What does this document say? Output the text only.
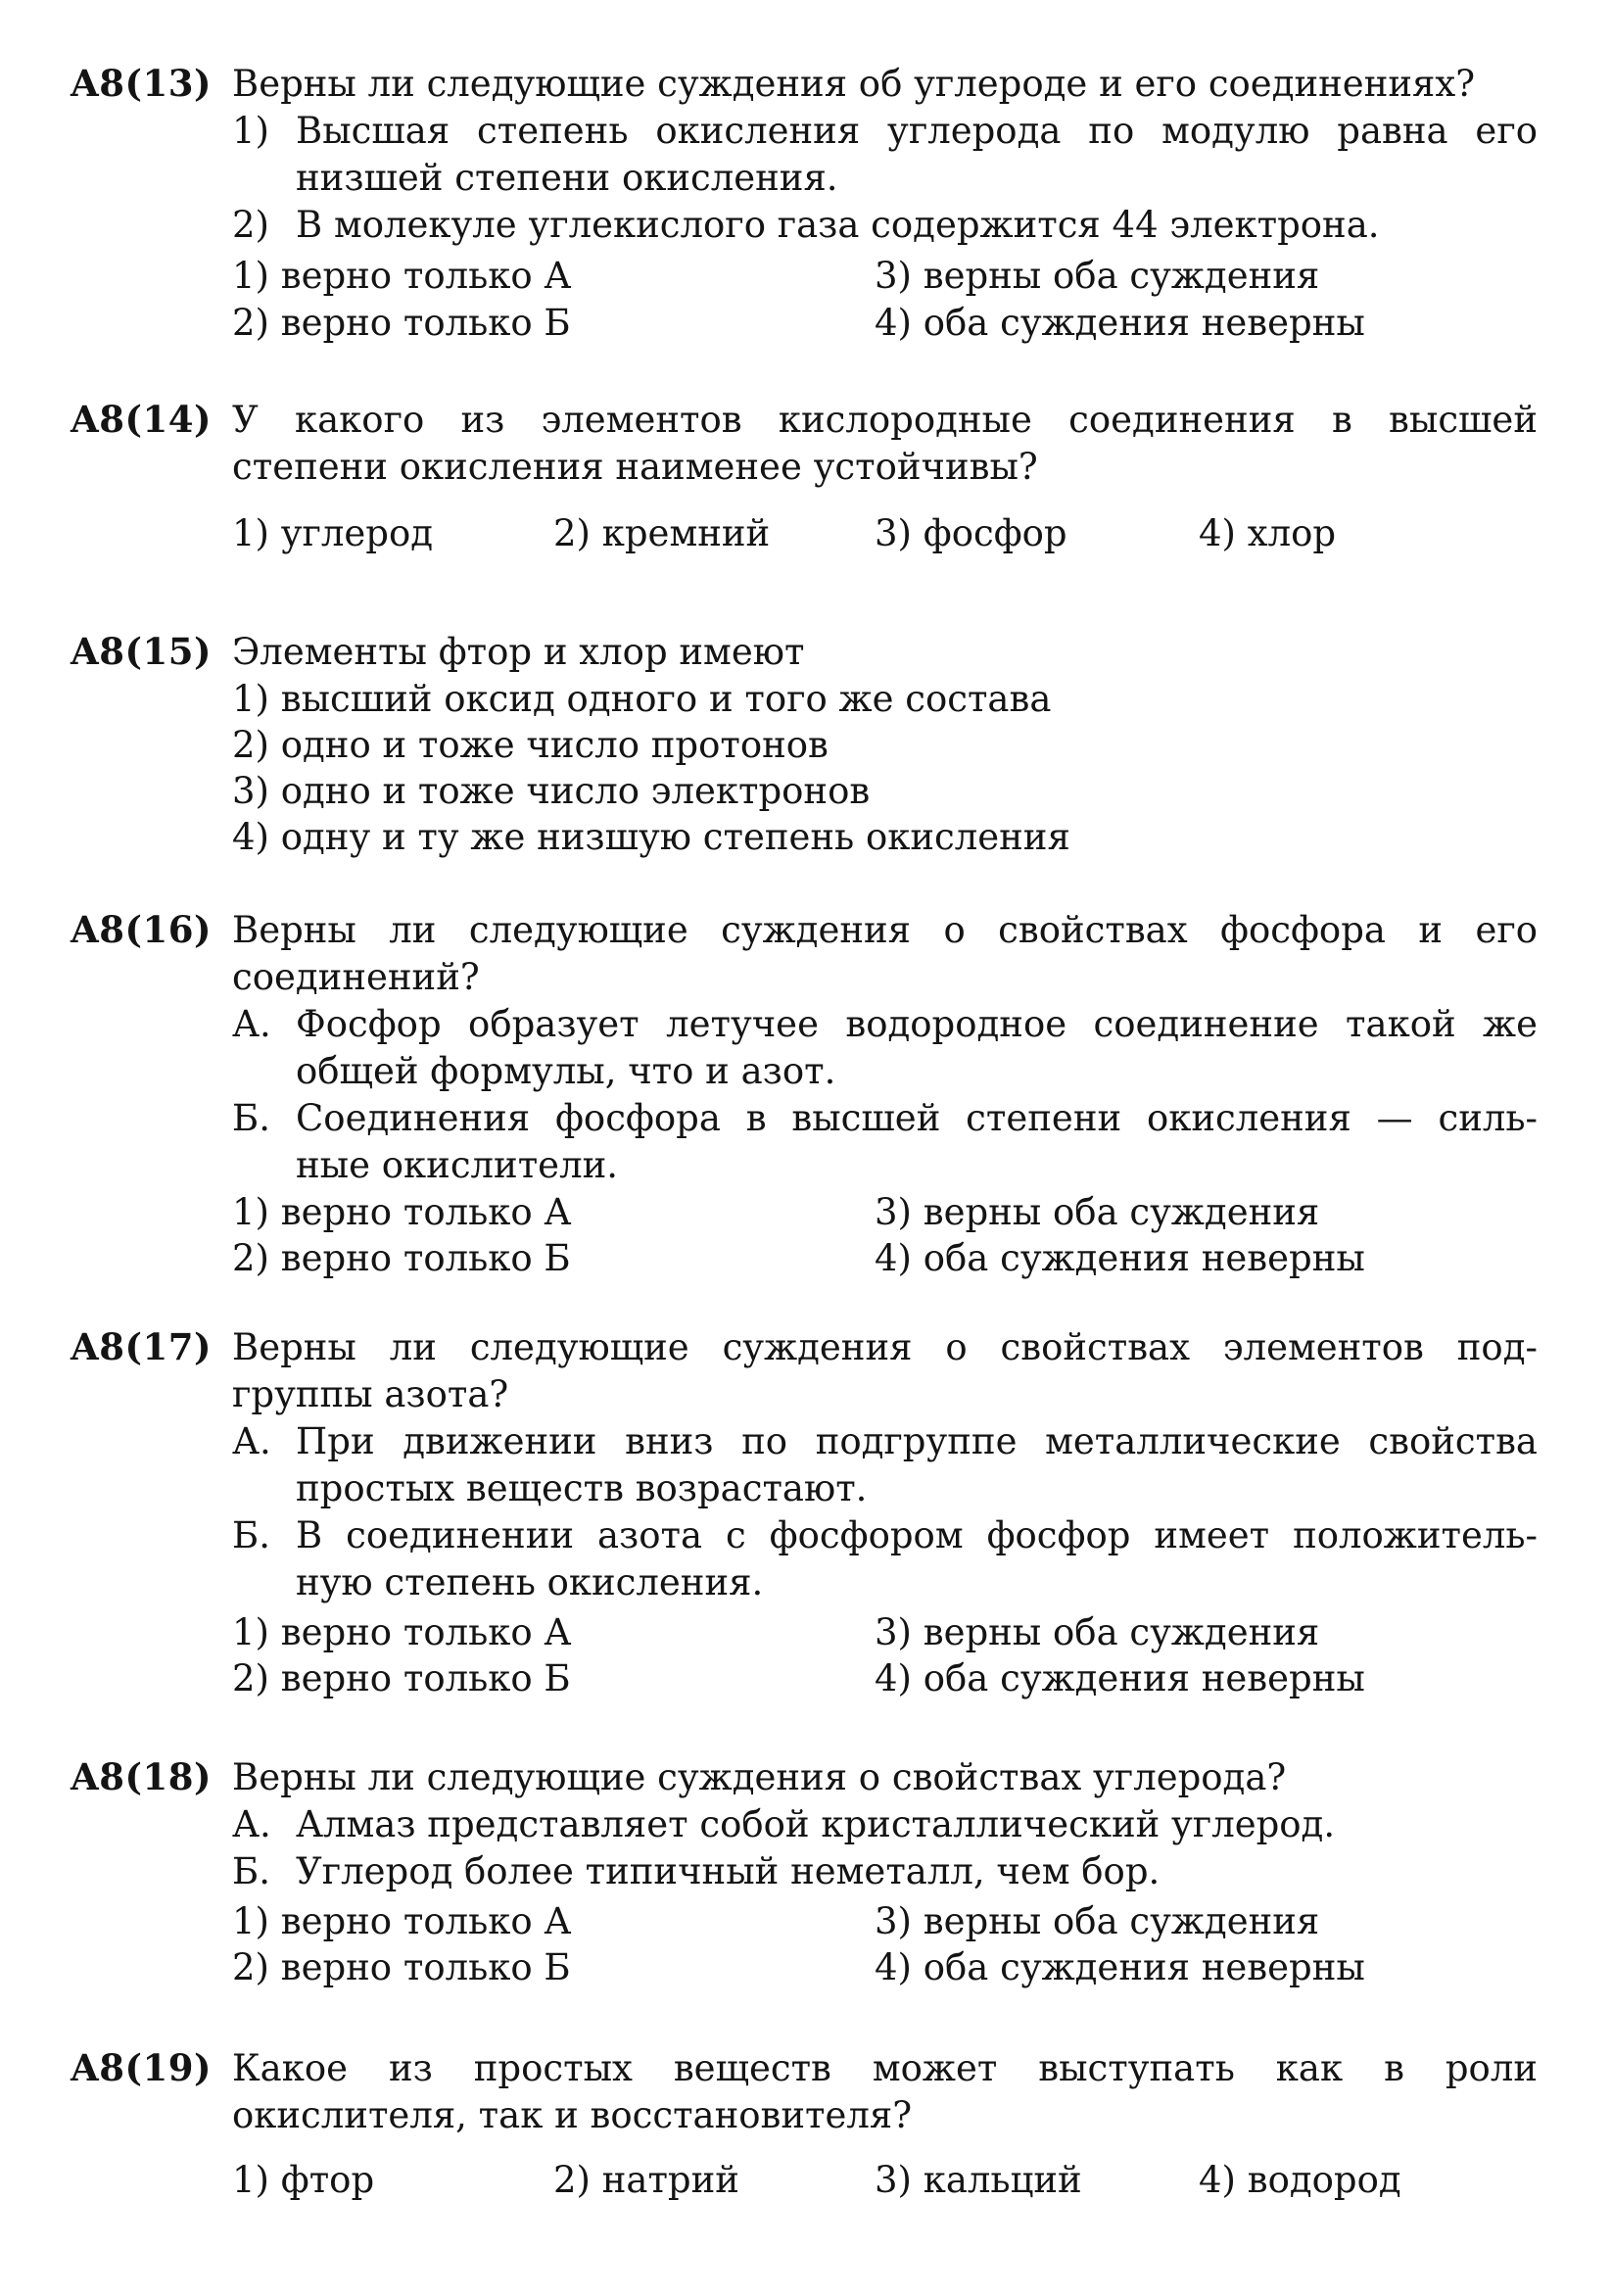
A8(13) Верны ли следующие суждения об углероде и его соединениях?
1) Высшая степень окисления углерода по модулю равна его
низшей степени окисления.
2) В молекуле углекислого газа содержится 44 электрона.
1) верно только А	3) верны оба суждения
2) верно только Б	4) оба суждения неверны
A8(14) У какого из элементов кислородные соединения в высшей
степени окисления наименее устойчивы?
1) углерод	2) кремний	3) фосфор	4) хлор
A8(15) Элементы фтор и хлор имеют
1) высший оксид одного и того же состава
2) одно и тоже число протонов
3) одно и тоже число электронов
4) одну и ту же низшую степень окисления
A8(16) Верны ли следующие суждения о свойствах фосфора и его
соединений?
А. Фосфор образует летучее водородное соединение такой же
общей формулы, что и азот.
Б. Соединения фосфора в высшей степени окисления — силь-
ные окислители.
1) верно только А	3) верны оба суждения
2) верно только Б	4) оба суждения неверны
A8(17) Верны ли следующие суждения о свойствах элементов под-
группы азота?
А. При движении вниз по подгруппе металлические свойства
простых веществ возрастают.
Б. В соединении азота с фосфором фосфор имеет положитель-
ную степень окисления.
1) верно только А	3) верны оба суждения
2) верно только Б	4) оба суждения неверны
A8(18) Верны ли следующие суждения о свойствах углерода?
А. Алмаз представляет собой кристаллический углерод.
Б. Углерод более типичный неметалл, чем бор.
1) верно только А	3) верны оба суждения
2) верно только Б	4) оба суждения неверны
A8(19) Какое из простых веществ может выступать как в роли
окислителя, так и восстановителя?
1) фтор	2) натрий	3) кальций	4) водород
